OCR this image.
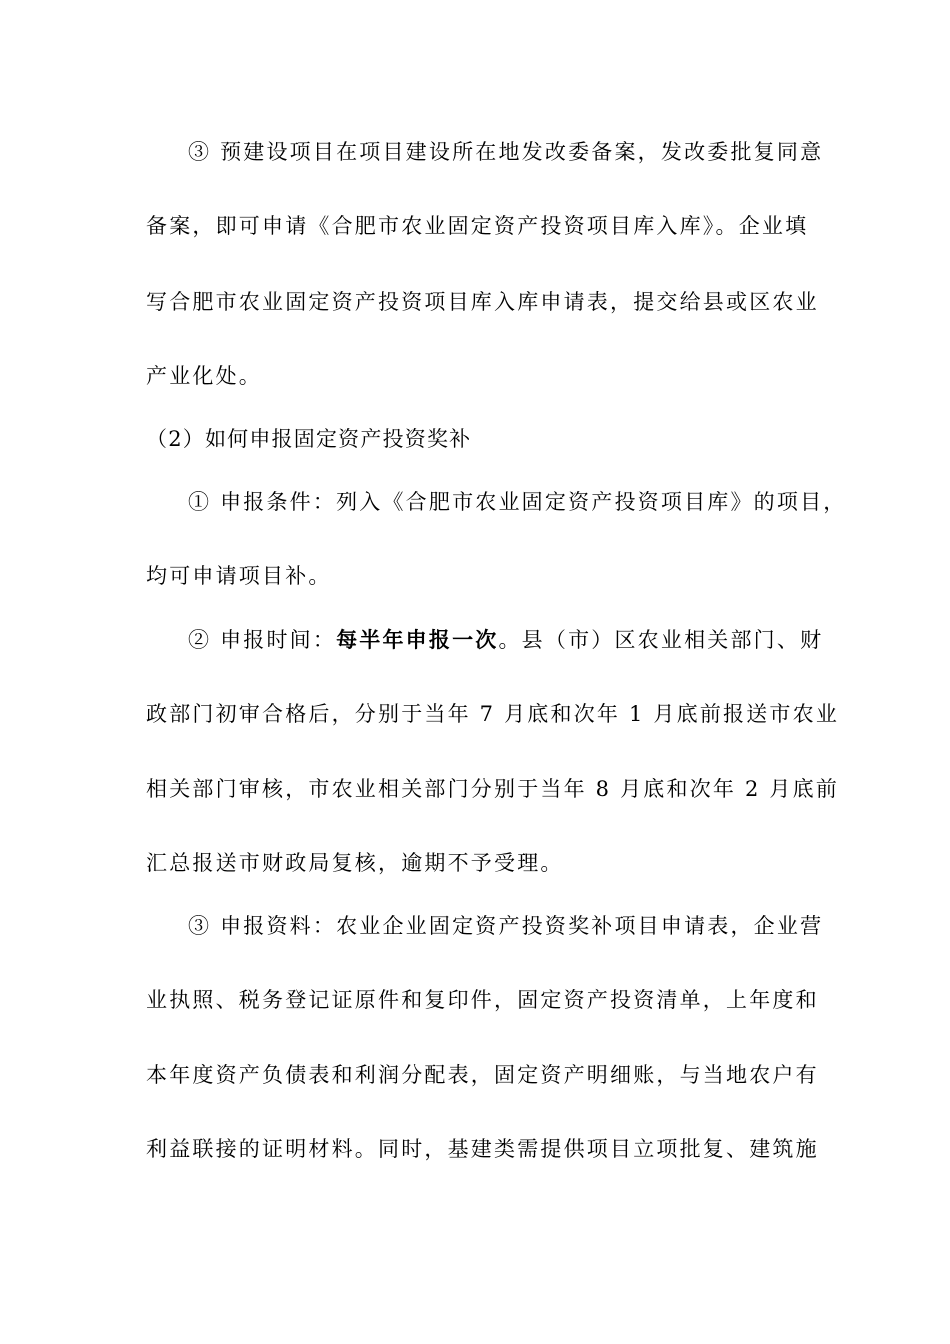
③ 预建设项目在项目建设所在地发改委备案，发改委批复同意
备案，即可申请《合肥市农业固定资产投资项目库入库》。企业填
写合肥市农业固定资产投资项目库入库申请表，提交给县或区农业
产业化处。
（2）如何申报固定资产投资奖补
① 申报条件：列入《合肥市农业固定资产投资项目库》的项目，
均可申请项目补。
② 申报时间：每半年申报一次。县（市）区农业相关部门、财
政部门初审合格后，分别于当年 7 月底和次年 1 月底前报送市农业
相关部门审核，市农业相关部门分别于当年 8 月底和次年 2 月底前
汇总报送市财政局复核，逾期不予受理。
③ 申报资料：农业企业固定资产投资奖补项目申请表，企业营
业执照、税务登记证原件和复印件，固定资产投资清单，上年度和
本年度资产负债表和利润分配表，固定资产明细账，与当地农户有
利益联接的证明材料。同时，基建类需提供项目立项批复、建筑施
